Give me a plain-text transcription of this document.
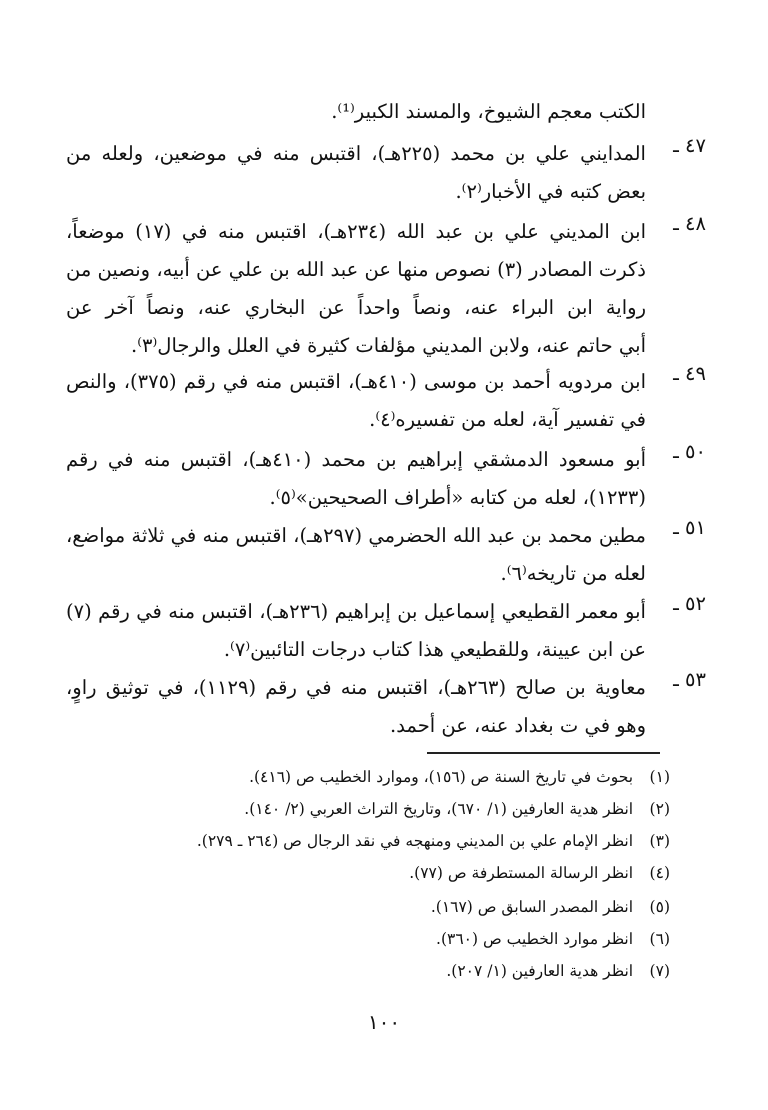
الكتب معجم الشيوخ، والمسند الكبير⁽¹⁾.
٤٧ ـ
المدايني علي بن محمد (٢٢٥هـ)، اقتبس منه في موضعين، ولعله من
بعض كتبه في الأخبار⁽٢⁾.
٤٨ ـ
ابن المديني علي بن عبد الله (٢٣٤هـ)، اقتبس منه في (١٧) موضعاً،
ذكرت المصادر (٣) نصوص منها عن عبد الله بن علي عن أبيه، ونصين من
رواية ابن البراء عنه، ونصاً واحداً عن البخاري عنه، ونصاً آخر عن
أبي حاتم عنه، ولابن المديني مؤلفات كثيرة في العلل والرجال⁽٣⁾.
٤٩ ـ
ابن مردويه أحمد بن موسى (٤١٠هـ)، اقتبس منه في رقم (٣٧٥)، والنص
في تفسير آية، لعله من تفسيره⁽٤⁾.
٥٠ ـ
أبو مسعود الدمشقي إبراهيم بن محمد (٤١٠هـ)، اقتبس منه في رقم
(١٢٣٣)، لعله من كتابه «أطراف الصحيحين»⁽٥⁾.
٥١ ـ
مطين محمد بن عبد الله الحضرمي (٢٩٧هـ)، اقتبس منه في ثلاثة مواضع،
لعله من تاريخه⁽٦⁾.
٥٢ ـ
أبو معمر القطيعي إسماعيل بن إبراهيم (٢٣٦هـ)، اقتبس منه في رقم (٧)
عن ابن عيينة، وللقطيعي هذا كتاب درجات التائبين⁽٧⁾.
٥٣ ـ
معاوية بن صالح (٢٦٣هـ)، اقتبس منه في رقم (١١٢٩)، في توثيق راوٍ،
وهو في ت بغداد عنه، عن أحمد.
(١) بحوث في تاريخ السنة ص (١٥٦)، وموارد الخطيب ص (٤١٦).
(٢) انظر هدية العارفين (١/ ٦٧٠)، وتاريخ التراث العربي (٢/ ١٤٠).
(٣) انظر الإمام علي بن المديني ومنهجه في نقد الرجال ص (٢٦٤ ـ ٢٧٩).
(٤) انظر الرسالة المستطرفة ص (٧٧).
(٥) انظر المصدر السابق ص (١٦٧).
(٦) انظر موارد الخطيب ص (٣٦٠).
(٧) انظر هدية العارفين (١/ ٢٠٧).
١٠٠
